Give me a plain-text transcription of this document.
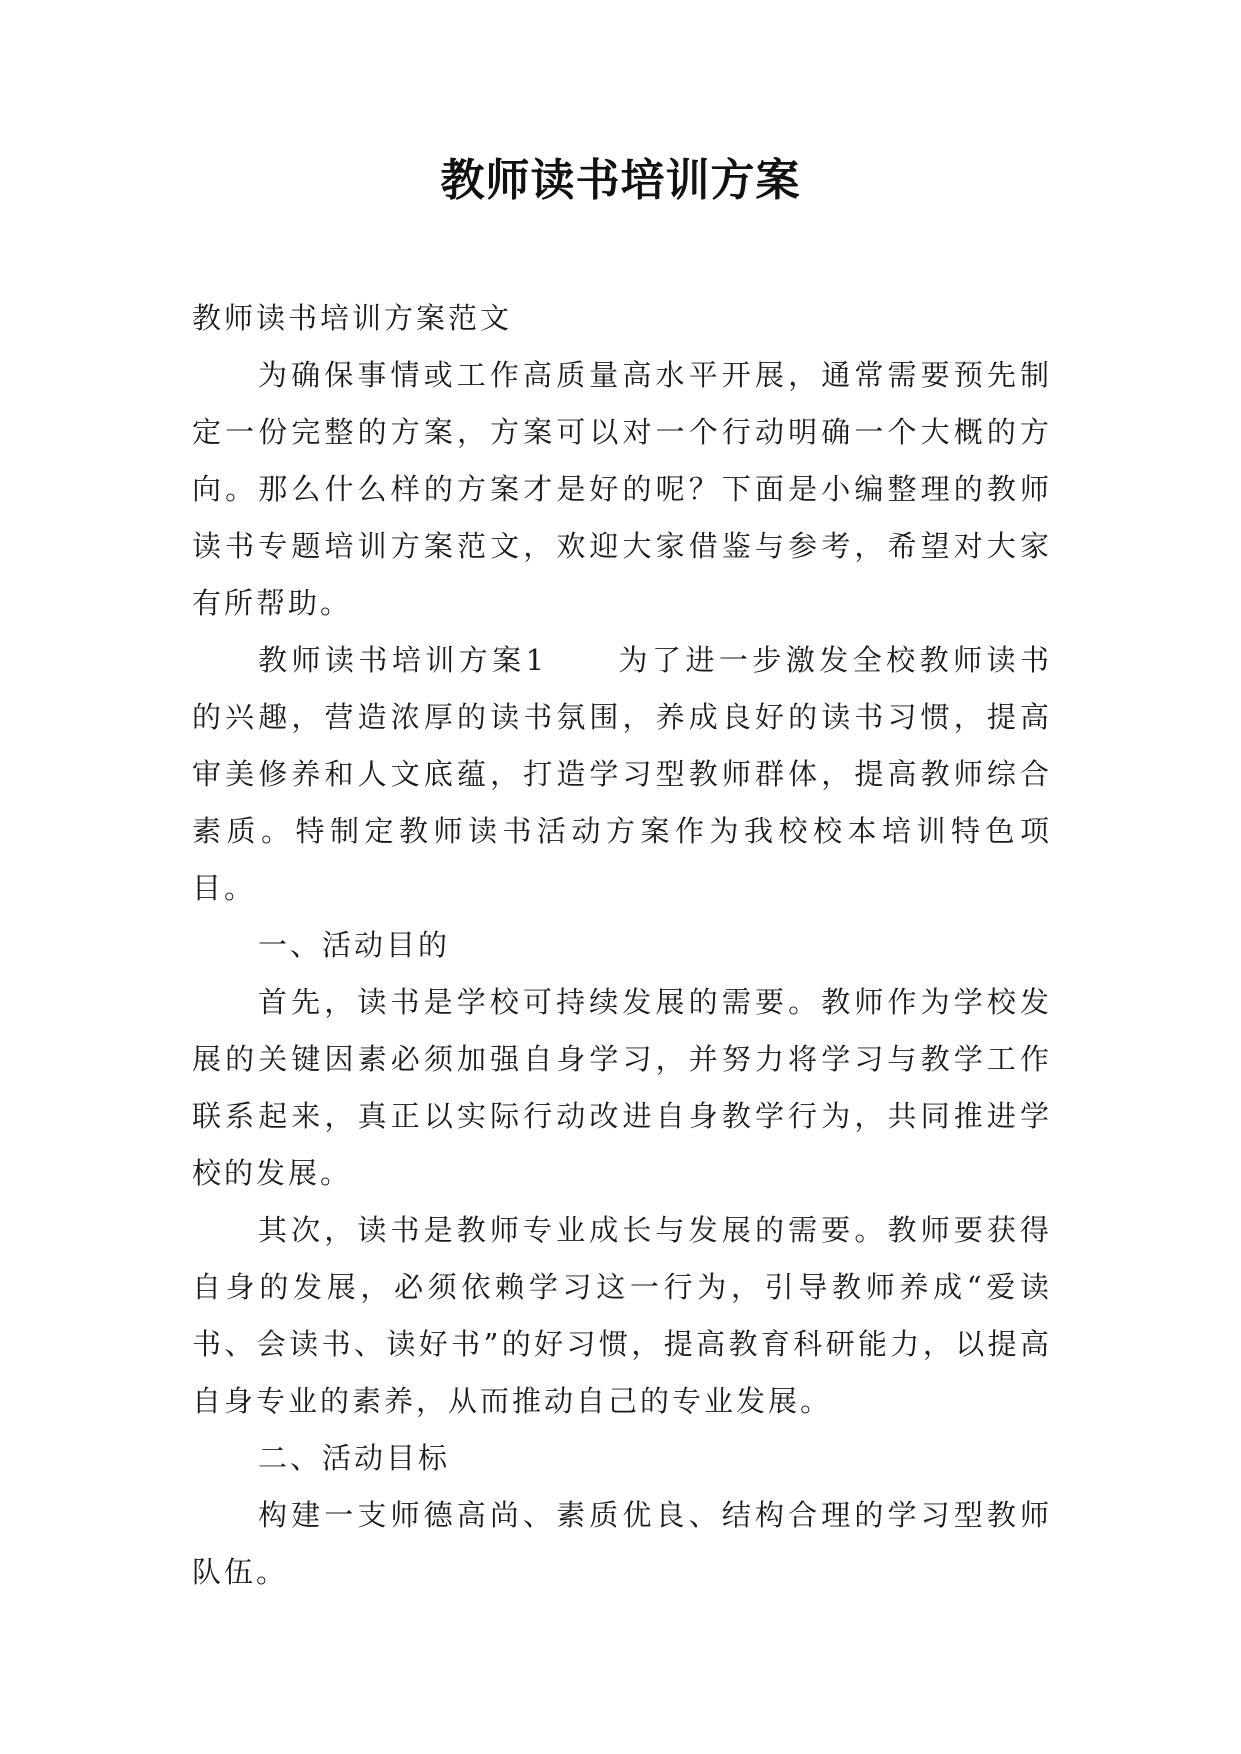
教师读书培训方案

教师读书培训方案范文

为确保事情或工作高质量高水平开展，通常需要预先制定一份完整的方案，方案可以对一个行动明确一个大概的方向。那么什么样的方案才是好的呢？下面是小编整理的教师读书专题培训方案范文，欢迎大家借鉴与参考，希望对大家有所帮助。

教师读书培训方案1 为了进一步激发全校教师读书的兴趣，营造浓厚的读书氛围，养成良好的读书习惯，提高审美修养和人文底蕴，打造学习型教师群体，提高教师综合素质。特制定教师读书活动方案作为我校校本培训特色项目。

一、活动目的

首先，读书是学校可持续发展的需要。教师作为学校发展的关键因素必须加强自身学习，并努力将学习与教学工作联系起来，真正以实际行动改进自身教学行为，共同推进学校的发展。

其次，读书是教师专业成长与发展的需要。教师要获得自身的发展，必须依赖学习这一行为，引导教师养成“爱读书、会读书、读好书”的好习惯，提高教育科研能力，以提高自身专业的素养，从而推动自己的专业发展。

二、活动目标

构建一支师德高尚、素质优良、结构合理的学习型教师队伍。
